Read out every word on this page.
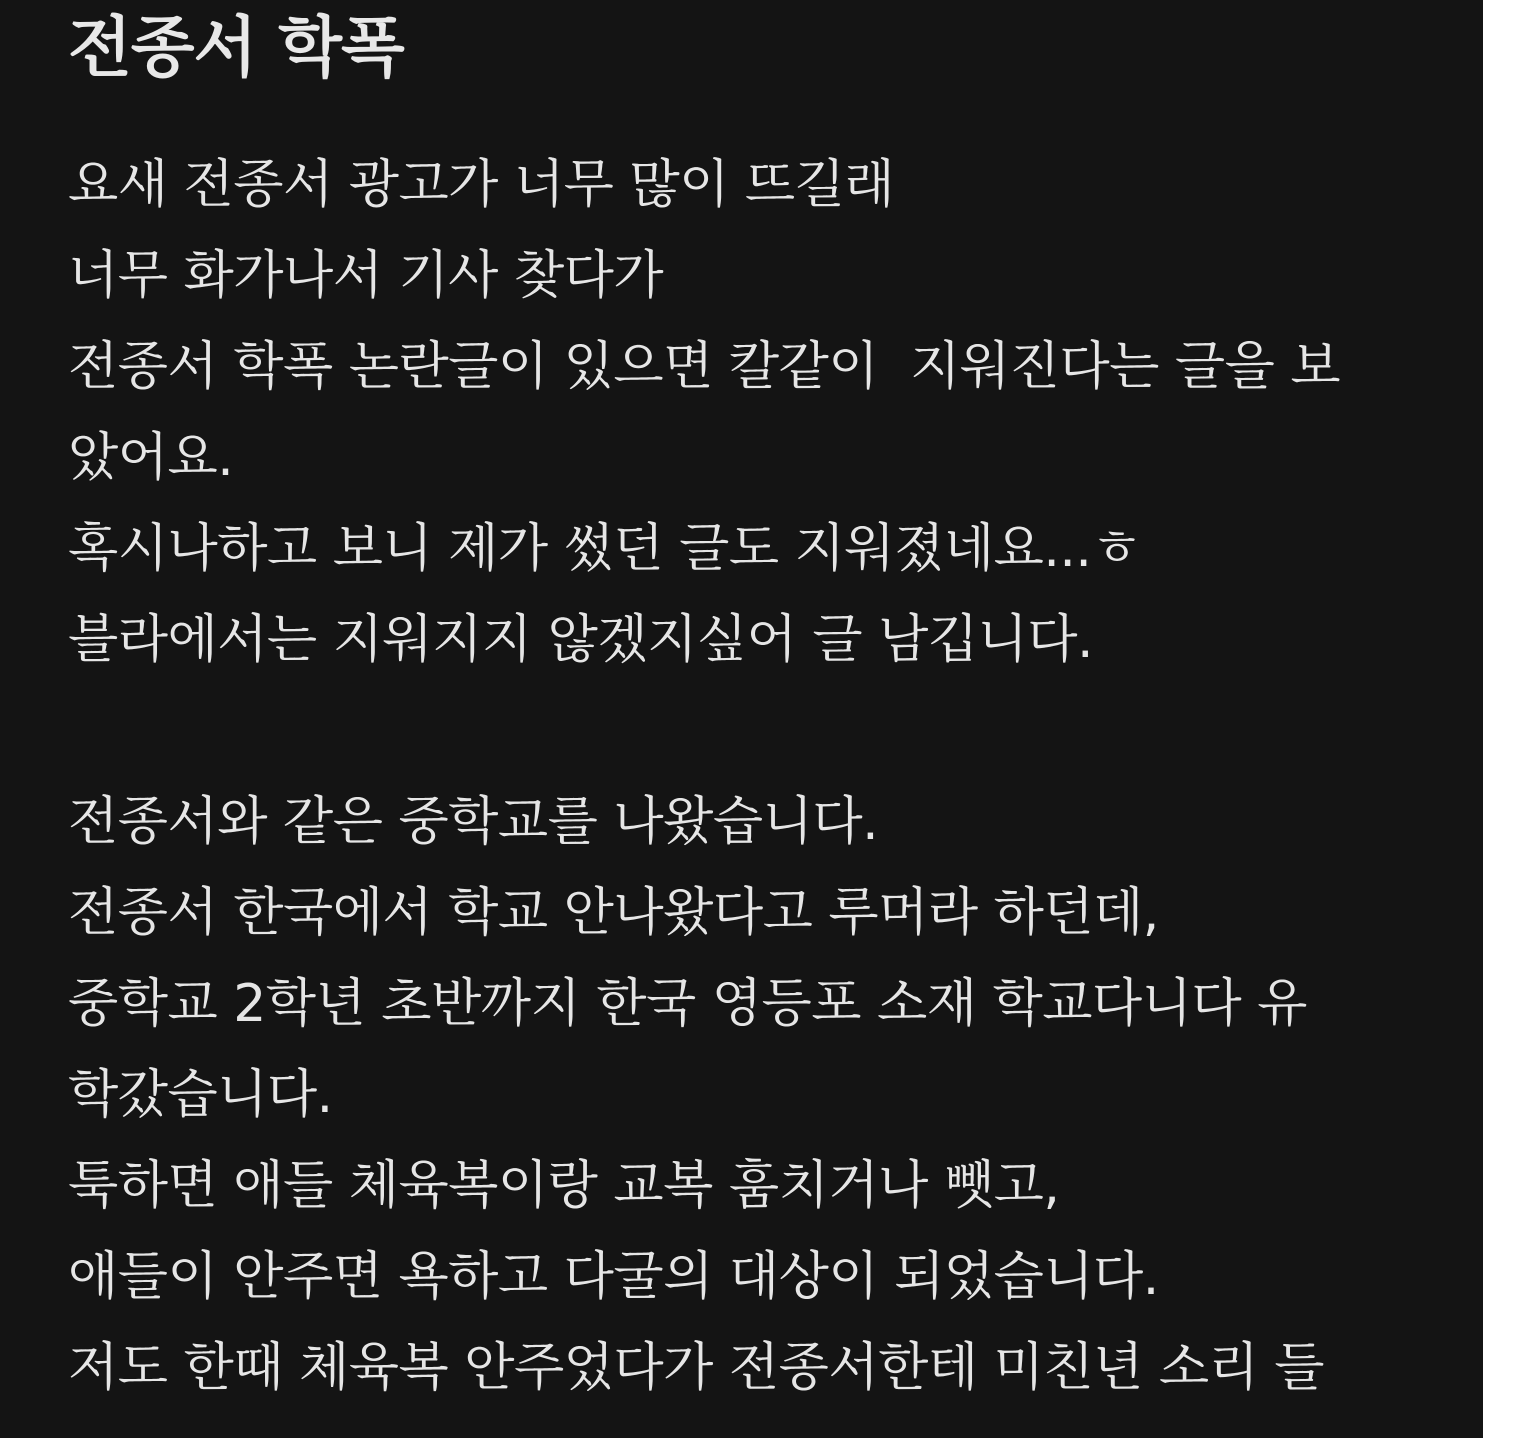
전종서 학폭
요새 전종서 광고가 너무 많이 뜨길래
너무 화가나서 기사 찾다가
전종서 학폭 논란글이 있으면 칼같이  지워진다는 글을 보
았어요.
혹시나하고 보니 제가 썼던 글도 지워졌네요...ㅎ
블라에서는 지워지지 않겠지싶어 글 남깁니다.
전종서와 같은 중학교를 나왔습니다.
전종서 한국에서 학교 안나왔다고 루머라 하던데,
중학교 2학년 초반까지 한국 영등포 소재 학교다니다 유
학갔습니다.
툭하면 애들 체육복이랑 교복 훔치거나 뺏고,
애들이 안주면 욕하고 다굴의 대상이 되었습니다.
저도 한때 체육복 안주었다가 전종서한테 미친년 소리 들
